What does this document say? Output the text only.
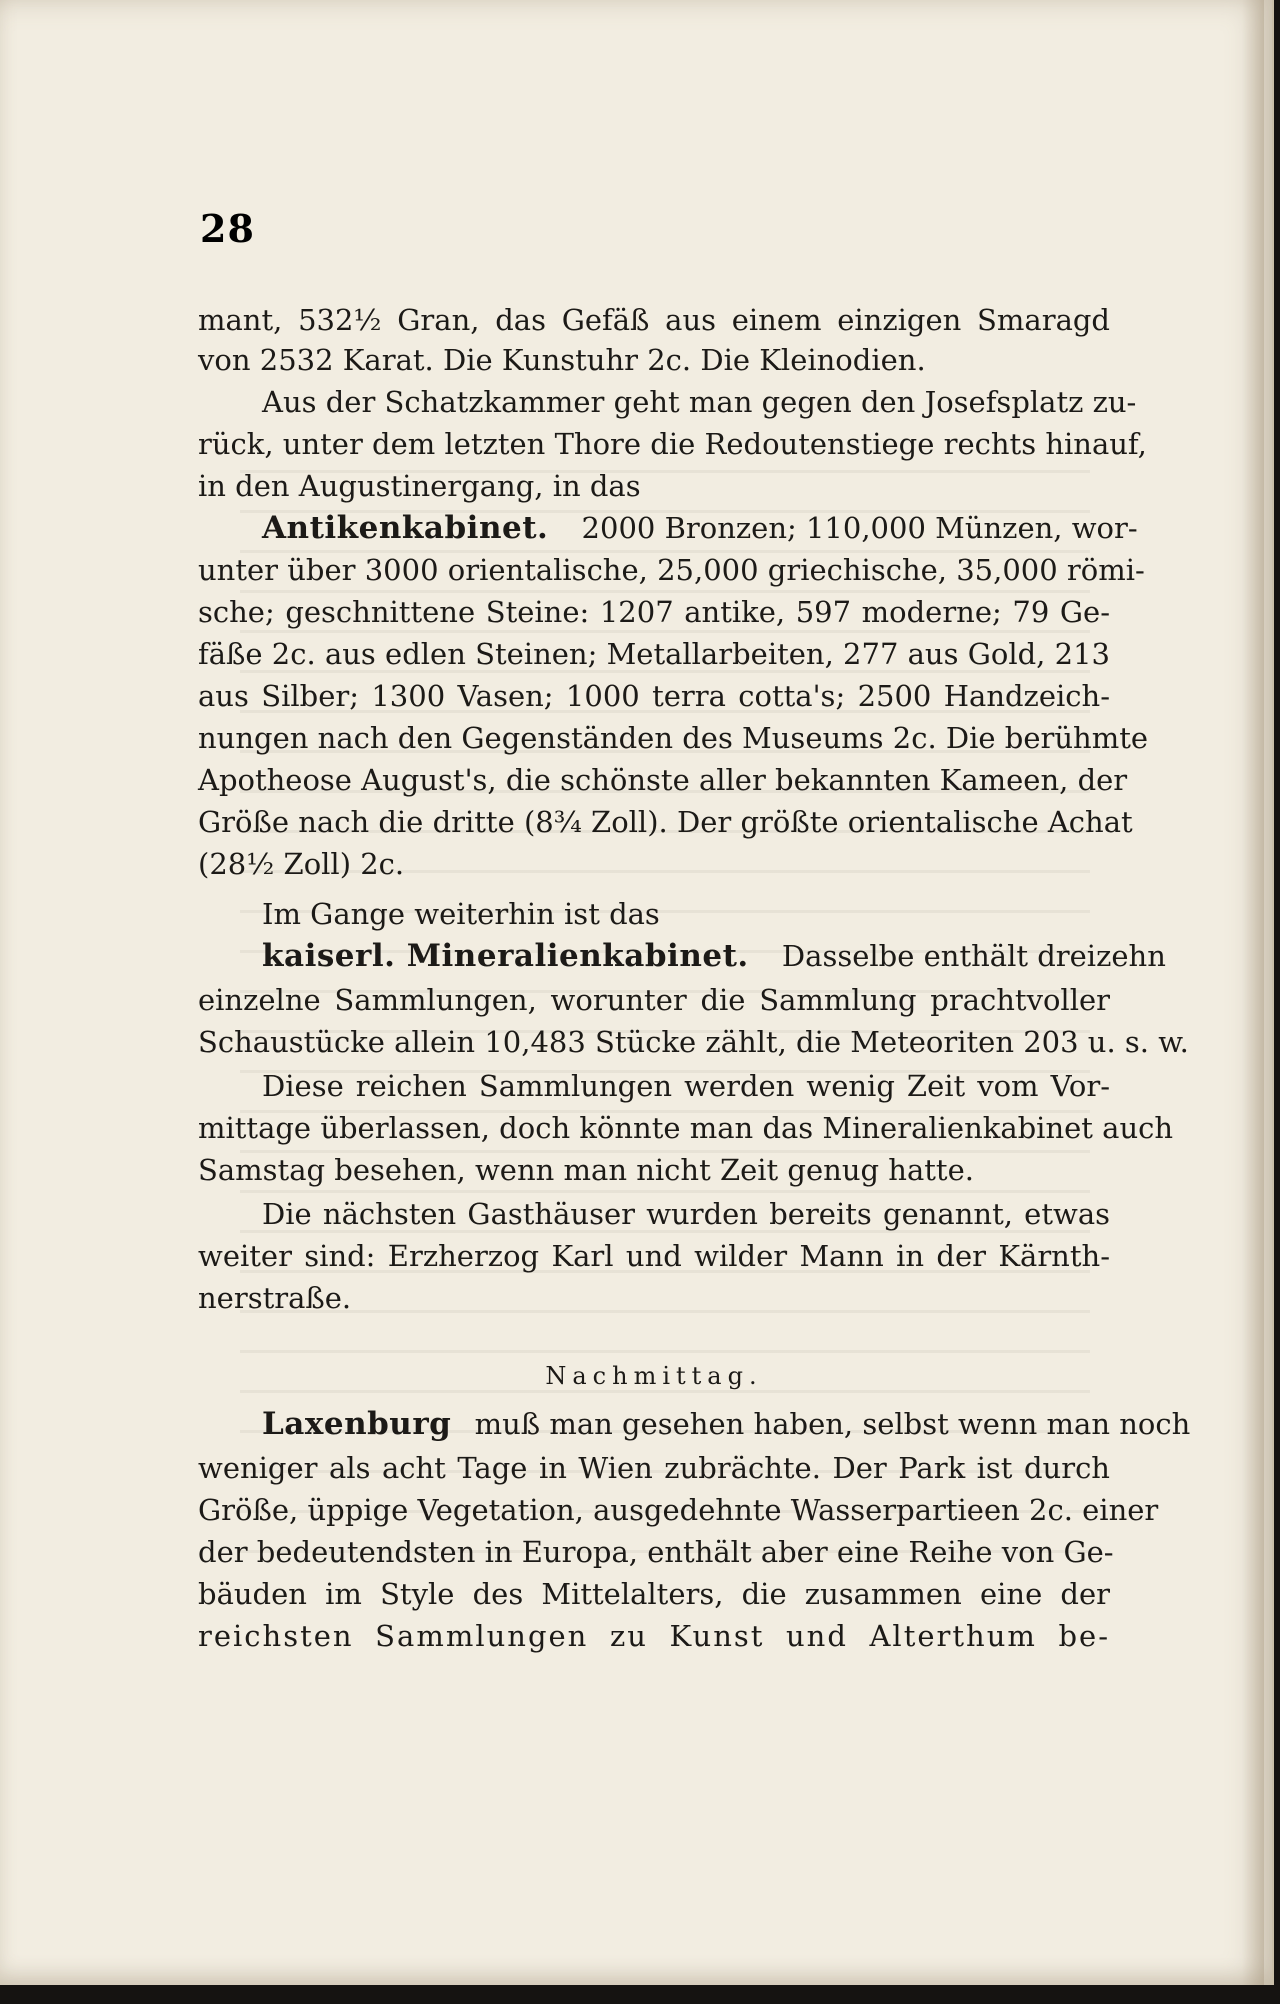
28
mant, 532½ Gran, das Gefäß aus einem einzigen Smaragd
von 2532 Karat. Die Kunstuhr 2c. Die Kleinodien.
Aus der Schatzkammer geht man gegen den Josefsplatz zu-
rück, unter dem letzten Thore die Redoutenstiege rechts hinauf,
in den Augustinergang, in das
Antikenkabinet. 2000 Bronzen; 110,000 Münzen, wor-
unter über 3000 orientalische, 25,000 griechische, 35,000 römi-
sche; geschnittene Steine: 1207 antike, 597 moderne; 79 Ge-
fäße 2c. aus edlen Steinen; Metallarbeiten, 277 aus Gold, 213
aus Silber; 1300 Vasen; 1000 terra cotta's; 2500 Handzeich-
nungen nach den Gegenständen des Museums 2c. Die berühmte
Apotheose August's, die schönste aller bekannten Kameen, der
Größe nach die dritte (8¾ Zoll). Der größte orientalische Achat
(28½ Zoll) 2c.
Im Gange weiterhin ist das
kaiserl. Mineralienkabinet. Dasselbe enthält dreizehn
einzelne Sammlungen, worunter die Sammlung prachtvoller
Schaustücke allein 10,483 Stücke zählt, die Meteoriten 203 u. s. w.
Diese reichen Sammlungen werden wenig Zeit vom Vor-
mittage überlassen, doch könnte man das Mineralienkabinet auch
Samstag besehen, wenn man nicht Zeit genug hatte.
Die nächsten Gasthäuser wurden bereits genannt, etwas
weiter sind: Erzherzog Karl und wilder Mann in der Kärnth-
nerstraße.
Nachmittag.
Laxenburg muß man gesehen haben, selbst wenn man noch
weniger als acht Tage in Wien zubrächte. Der Park ist durch
Größe, üppige Vegetation, ausgedehnte Wasserpartieen 2c. einer
der bedeutendsten in Europa, enthält aber eine Reihe von Ge-
bäuden im Style des Mittelalters, die zusammen eine der
reichsten Sammlungen zu Kunst und Alterthum be-
